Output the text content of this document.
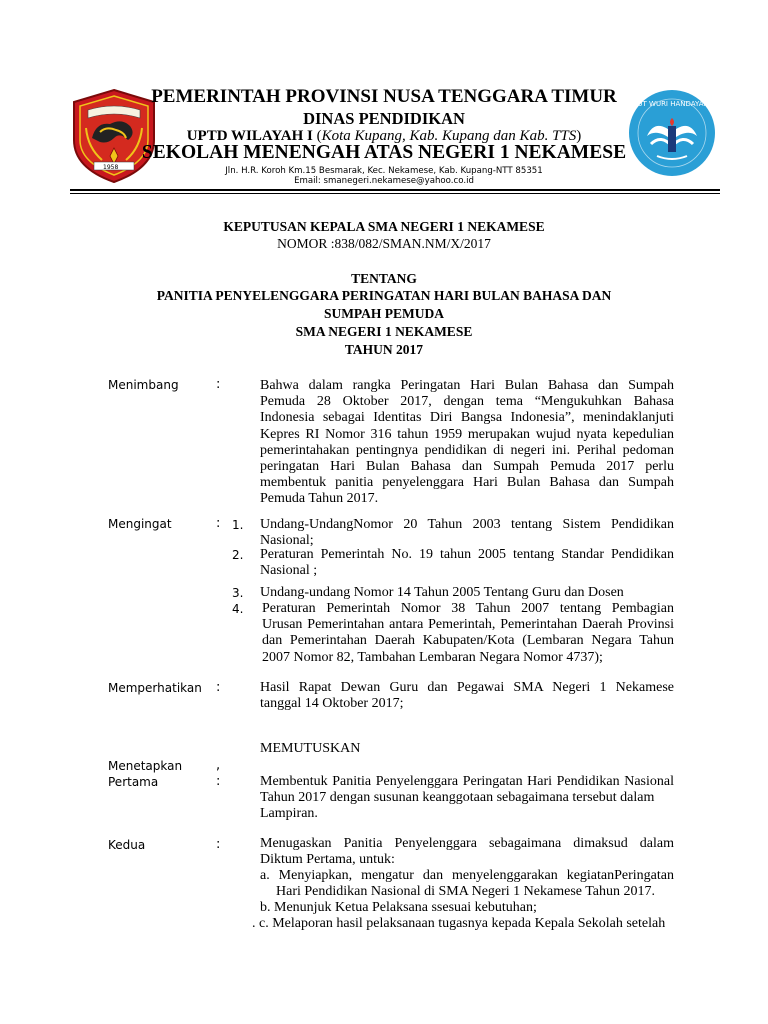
1958
TUT WURI HANDAYANI
PEMERINTAH PROVINSI NUSA TENGGARA TIMUR
DINAS PENDIDIKAN
UPTD WILAYAH I (Kota Kupang, Kab. Kupang dan Kab. TTS)
SEKOLAH MENENGAH ATAS NEGERI 1 NEKAMESE
Jln. H.R. Koroh Km.15 Besmarak, Kec. Nekamese, Kab. Kupang-NTT 85351
Email: smanegeri.nekamese@yahoo.co.id
KEPUTUSAN KEPALA SMA NEGERI 1 NEKAMESE
NOMOR :838/082/SMAN.NM/X/2017
TENTANG
PANITIA PENYELENGGARA PERINGATAN HARI BULAN BAHASA DAN
SUMPAH PEMUDA
SMA NEGERI 1 NEKAMESE
TAHUN 2017
Menimbang	:	Bahwa dalam rangka Peringatan Hari Bulan Bahasa dan Sumpah
Pemuda 28 Oktober 2017, dengan tema “Mengukuhkan Bahasa
Indonesia sebagai Identitas Diri Bangsa Indonesia”, menindaklanjuti
Kepres RI Nomor 316 tahun 1959 merupakan wujud nyata kepedulian
pemerintahakan pentingnya pendidikan di negeri ini. Perihal pedoman
peringatan Hari Bulan Bahasa dan Sumpah Pemuda 2017 perlu
membentuk panitia penyelenggara Hari Bulan Bahasa dan Sumpah
Pemuda Tahun 2017.
Mengingat	: 1. Undang-UndangNomor 20 Tahun 2003 tentang Sistem Pendidikan
Nasional;
2. Peraturan Pemerintah No. 19 tahun 2005 tentang Standar Pendidikan
Nasional ;
3. Undang-undang Nomor 14 Tahun 2005 Tentang Guru dan Dosen
4. Peraturan Pemerintah Nomor 38 Tahun 2007 tentang Pembagian
Urusan Pemerintahan antara Pemerintah, Pemerintahan Daerah Provinsi
dan Pemerintahan Daerah Kabupaten/Kota (Lembaran Negara Tahun
2007 Nomor 82, Tambahan Lembaran Negara Nomor 4737);
Memperhatikan :	Hasil Rapat Dewan Guru dan Pegawai SMA Negeri 1 Nekamese
tanggal 14 Oktober 2017;
MEMUTUSKAN
Menetapkan	,
Pertama	:	Membentuk Panitia Penyelenggara Peringatan Hari Pendidikan Nasional
Tahun 2017 dengan susunan keanggotaan sebagaimana tersebut dalam
Lampiran.
Kedua	:	Menugaskan Panitia Penyelenggara sebagaimana dimaksud dalam
Diktum Pertama, untuk:
a. Menyiapkan, mengatur dan menyelenggarakan kegiatanPeringatan
Hari Pendidikan Nasional di SMA Negeri 1 Nekamese Tahun 2017.
b. Menunjuk Ketua Pelaksana ssesuai kebutuhan;
. c. Melaporan hasil pelaksanaan tugasnya kepada Kepala Sekolah setelah
